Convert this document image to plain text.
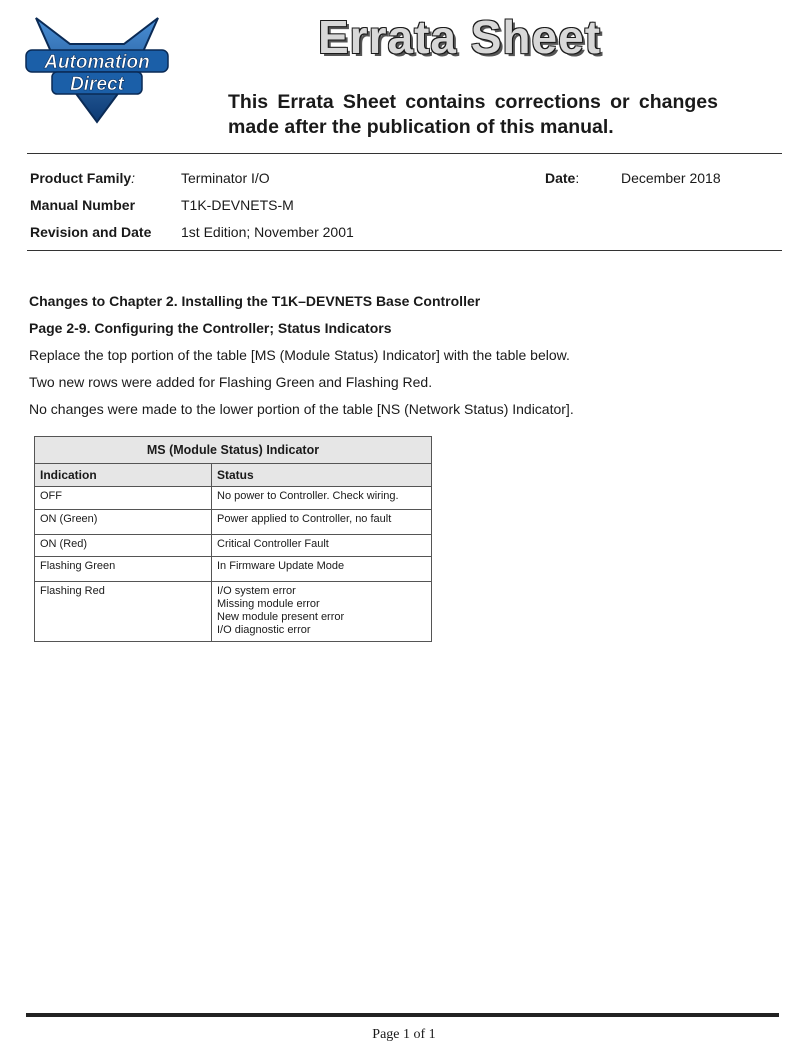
Automation
Direct
Errata Sheet

This Errata Sheet contains corrections or changes made after the publication of this manual.

Product Family:	Terminator I/O	Date:	December 2018
Manual Number	T1K-DEVNETS-M
Revision and Date 1st Edition; November 2001

Changes to Chapter 2. Installing the T1K–DEVNETS Base Controller

Page 2-9. Configuring the Controller; Status Indicators

Replace the top portion of the table [MS (Module Status) Indicator] with the table below.

Two new rows were added for Flashing Green and Flashing Red.

No changes were made to the lower portion of the table [NS (Network Status) Indicator].

MS (Module Status) Indicator	
Indication	Status
OFF	No power to Controller. Check wiring.
ON (Green)	Power applied to Controller, no fault
ON (Red)	Critical Controller Fault
Flashing Green	In Firmware Update Mode
Flashing Red	I/O system error
Missing module error
New module present error
I/O diagnostic error
Page 1 of 1
